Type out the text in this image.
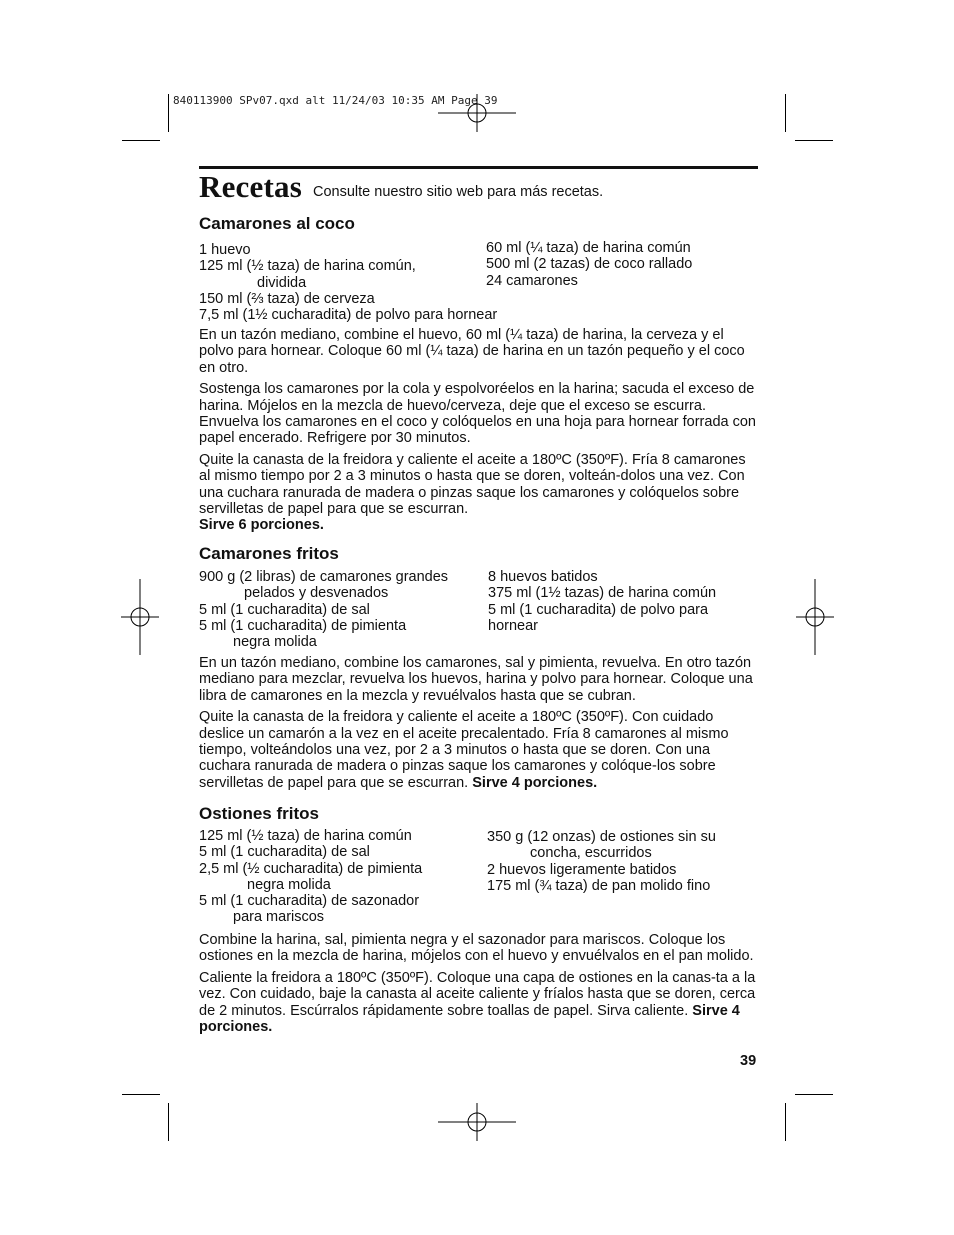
840113900 SPv07.qxd alt 11/24/03 10:35 AM Page 39
Recetas Consulte nuestro sitio web para más recetas.
Camarones al coco
1 huevo
125 ml (½ taza) de harina común,
dividida
150 ml (⅔ taza) de cerveza
7,5 ml (1½ cucharadita) de polvo para hornear
60 ml (¼ taza) de harina común
500 ml (2 tazas) de coco rallado
24 camarones

En un tazón mediano, combine el huevo, 60 ml (¼ taza) de harina, la cerveza y el polvo para hornear. Coloque 60 ml (¼ taza) de harina en un tazón pequeño y el coco en otro.

Sostenga los camarones por la cola y espolvoréelos en la harina; sacuda el exceso de harina. Mójelos en la mezcla de huevo/cerveza, deje que el exceso se escurra. Envuelva los camarones en el coco y colóquelos en una hoja para hornear forrada con papel encerado. Refrigere por 30 minutos.

Quite la canasta de la freidora y caliente el aceite a 180ºC (350ºF). Fría 8 camarones al mismo tiempo por 2 a 3 minutos o hasta que se doren, volteán-dolos una vez. Con una cuchara ranurada de madera o pinzas saque los camarones y colóquelos sobre servilletas de papel para que se escurran.
Sirve 6 porciones.

Camarones fritos
900 g (2 libras) de camarones grandes
pelados y desvenados
5 ml (1 cucharadita) de sal
5 ml (1 cucharadita) de pimienta
negra molida
8 huevos batidos
375 ml (1½ tazas) de harina común
5 ml (1 cucharadita) de polvo para
hornear

En un tazón mediano, combine los camarones, sal y pimienta, revuelva. En otro tazón mediano para mezclar, revuelva los huevos, harina y polvo para hornear. Coloque una libra de camarones en la mezcla y revuélvalos hasta que se cubran.

Quite la canasta de la freidora y caliente el aceite a 180ºC (350ºF). Con cuidado deslice un camarón a la vez en el aceite precalentado. Fría 8 camarones al mismo tiempo, volteándolos una vez, por 2 a 3 minutos o hasta que se doren. Con una cuchara ranurada de madera o pinzas saque los camarones y colóque-los sobre servilletas de papel para que se escurran. Sirve 4 porciones.

Ostiones fritos
125 ml (½ taza) de harina común
5 ml (1 cucharadita) de sal
2,5 ml (½ cucharadita) de pimienta
negra molida
5 ml (1 cucharadita) de sazonador
para mariscos
350 g (12 onzas) de ostiones sin su
concha, escurridos
2 huevos ligeramente batidos
175 ml (¾ taza) de pan molido fino

Combine la harina, sal, pimienta negra y el sazonador para mariscos. Coloque los ostiones en la mezcla de harina, mójelos con el huevo y envuélvalos en el pan molido.

Caliente la freidora a 180ºC (350ºF). Coloque una capa de ostiones en la canas-ta a la vez. Con cuidado, baje la canasta al aceite caliente y fríalos hasta que se doren, cerca de 2 minutos. Escúrralos rápidamente sobre toallas de papel. Sirva caliente. Sirve 4 porciones.

39
